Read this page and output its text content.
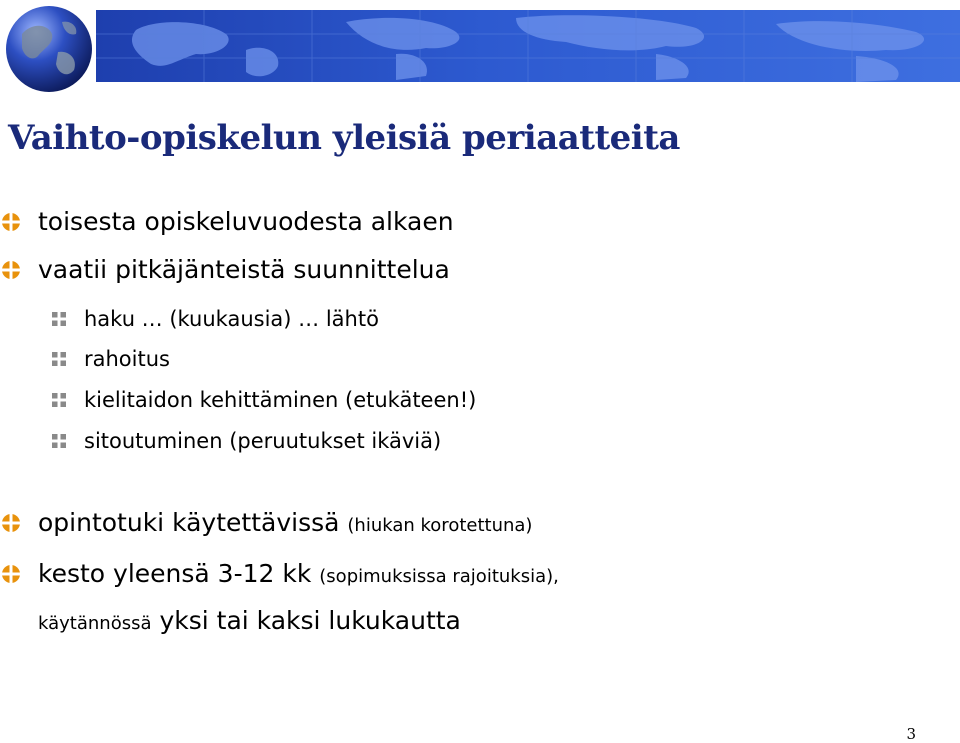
Vaihto-opiskelun yleisiä periaatteita
toisesta opiskeluvuodesta alkaen
vaatii pitkäjänteistä suunnittelua
haku … (kuukausia) … lähtö
rahoitus
kielitaidon kehittäminen (etukäteen!)
sitoutuminen (peruutukset ikäviä)
opintotuki käytettävissä (hiukan korotettuna)
kesto yleensä 3-12 kk (sopimuksissa rajoituksia),
käytännössä yksi tai kaksi lukukautta
3
